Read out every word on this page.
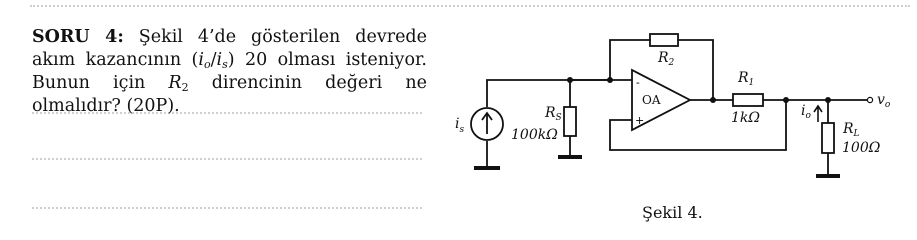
SORU 4: Şekil 4’de gösterilen devrede akım kazancının $(i_o/i_s)$ 20 olması isteniyor. Bunun için $R_2$ direncinin değeri ne olmalıdır? (20P).	OA
-
+
$R_2$
$R_1$
1kΩ
$R_S$
100kΩ	$R_L$
100Ω
$i_s$
$i_o$
$v_o$
Şekil 4.
